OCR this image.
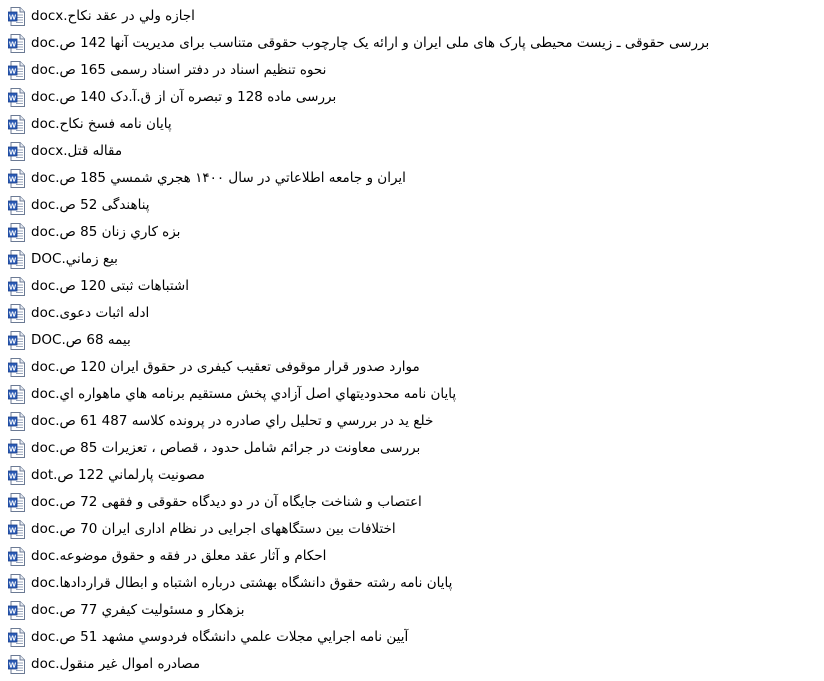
W اجازه ولي در عقد نكاح.docx
W بررسی حقوقی ـ زیست محیطی پارک های ملی ایران و ارائه یک چارچوب حقوقی متناسب برای مدیریت آنها 142 ص.doc
W نحوه تنظیم اسناد در دفتر اسناد رسمی 165 ص.doc
W بررسی ماده 128 و تبصره آن از ق.آ.دک 140 ص.doc
W پايان نامه فسخ نكاح.doc
W مقاله قتل.docx
W ايران و جامعه اطلاعاتي در سال ۱۴۰۰ هجري شمسي 185 ص.doc
W پناهندگی 52 ص.doc
W بزه كاري زنان 85 ص.doc
W بيع زماني.DOC
W اشتباهات ثبتی 120 ص.doc
W ادله اثبات دعوی.doc
W بيمه 68 ص.DOC
W موارد صدور قرار موقوفی تعقیب کیفری در حقوق ایران 120 ص.doc
W پايان نامه محدوديتهاي اصل آزادي پخش مستقيم برنامه هاي ماهواره اي.doc
W خلع يد در بررسي و تحليل راي صادره در پرونده كلاسه 487 61 ص.doc
W بررسی معاونت در جرائم شامل حدود ، قصاص ، تعزیرات 85 ص.doc
W مصونيت پارلماني 122 ص.dot
W اعتصاب و شناخت جایگاه آن در دو دیدگاه حقوقی و فقهی 72 ص.doc
W اختلافات بين دستگاههاى اجرايى در نظام ادارى ايران 70 ص.doc
W احكام و آثار عقد معلق در فقه و حقوق موضوعه.doc
W پايان نامه رشته حقوق دانشگاه بهشتی درباره اشتباه و ابطال قراردادها.doc
W بزهكار و مسئوليت كيفري 77 ص.doc
W آيين نامه اجرايي مجلات علمي دانشگاه فردوسي مشهد 51 ص.doc
W مصادره اموال غير منقول.doc
